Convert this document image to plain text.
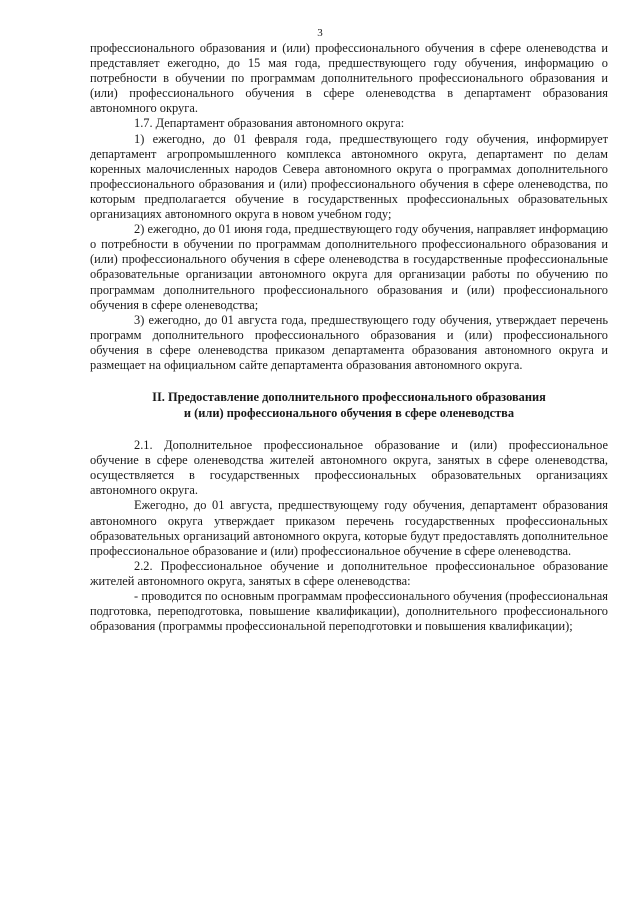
3

профессионального образования и (или) профессионального обучения в сфере оленеводства и представляет ежегодно, до 15 мая года, предшествующего году обучения, информацию о потребности в обучении по программам дополнительного профессионального образования и (или) профессионального обучения в сфере оленеводства в департамент образования автономного округа.

1.7. Департамент образования автономного округа:

1) ежегодно, до 01 февраля года, предшествующего году обучения, информирует департамент агропромышленного комплекса автономного округа, департамент по делам коренных малочисленных народов Севера автономного округа о программах дополнительного профессионального образования и (или) профессионального обучения в сфере оленеводства, по которым предполагается обучение в государственных профессиональных образовательных организациях автономного округа в новом учебном году;

2) ежегодно, до 01 июня года, предшествующего году обучения, направляет информацию о потребности в обучении по программам дополнительного профессионального образования и (или) профессионального обучения в сфере оленеводства в государственные профессиональные образовательные организации автономного округа для организации работы по обучению по программам дополнительного профессионального образования и (или) профессионального обучения в сфере оленеводства;

3) ежегодно, до 01 августа года, предшествующего году обучения, утверждает перечень программ дополнительного профессионального образования и (или) профессионального обучения в сфере оленеводства приказом департамента образования автономного округа и размещает на официальном сайте департамента образования автономного округа.

II. Предоставление дополнительного профессионального образования

и (или) профессионального обучения в сфере оленеводства

2.1. Дополнительное профессиональное образование и (или) профессиональное обучение в сфере оленеводства жителей автономного округа, занятых в сфере оленеводства, осуществляется в государственных профессиональных образовательных организациях автономного округа.

Ежегодно, до 01 августа, предшествующему году обучения, департамент образования автономного округа утверждает приказом перечень государственных профессиональных образовательных организаций автономного округа, которые будут предоставлять дополнительное профессиональное образование и (или) профессиональное обучение в сфере оленеводства.

2.2. Профессиональное обучение и дополнительное профессиональное образование жителей автономного округа, занятых в сфере оленеводства:

- проводится по основным программам профессионального обучения (профессиональная подготовка, переподготовка, повышение квалификации), дополнительного профессионального образования (программы профессиональной переподготовки и повышения квалификации);
